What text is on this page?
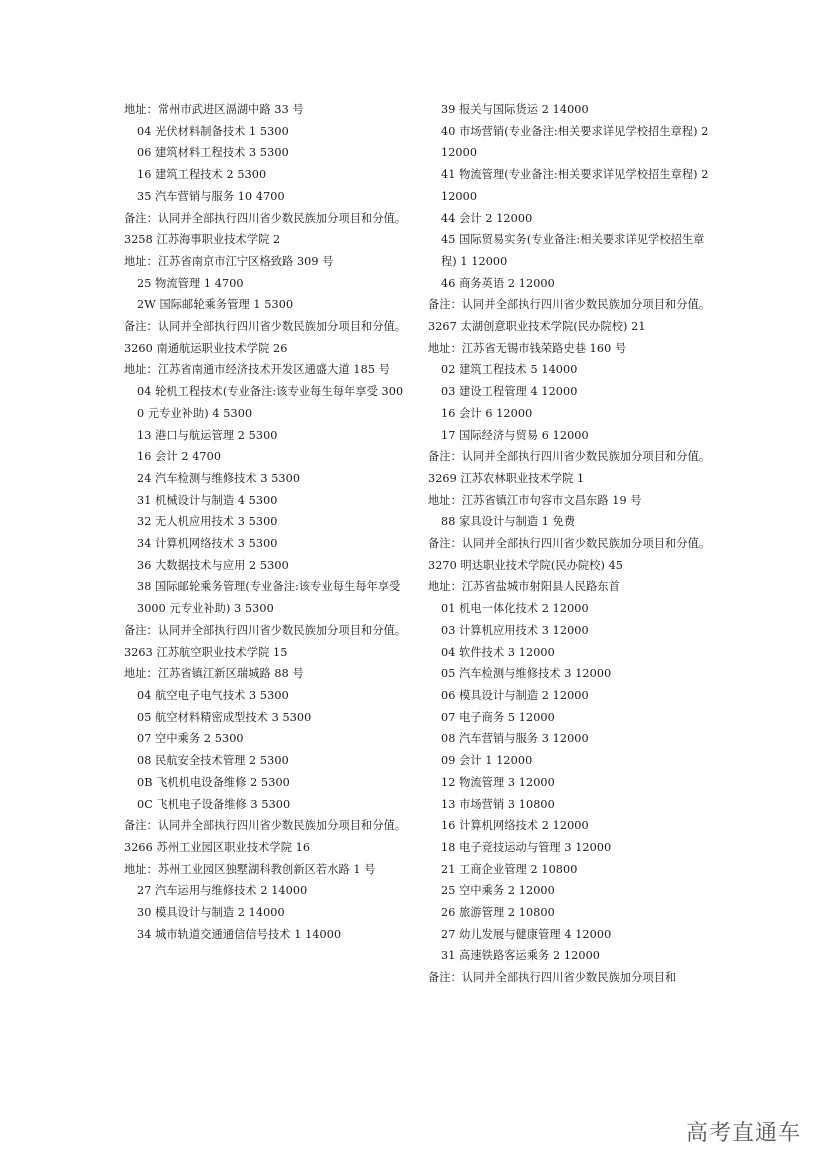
地址：常州市武进区滆湖中路 33 号
04 光伏材料制备技术 1 5300
06 建筑材料工程技术 3 5300
16 建筑工程技术 2 5300
35 汽车营销与服务 10 4700
备注：认同并全部执行四川省少数民族加分项目和分值。
3258 江苏海事职业技术学院 2
地址：江苏省南京市江宁区格致路 309 号
25 物流管理 1 4700
2W 国际邮轮乘务管理 1 5300
备注：认同并全部执行四川省少数民族加分项目和分值。
3260 南通航运职业技术学院 26
地址：江苏省南通市经济技术开发区通盛大道 185 号
04 轮机工程技术(专业备注:该专业每生每年享受 3000 元专业补助) 4 5300
13 港口与航运管理 2 5300
16 会计 2 4700
24 汽车检测与维修技术 3 5300
31 机械设计与制造 4 5300
32 无人机应用技术 3 5300
34 计算机网络技术 3 5300
36 大数据技术与应用 2 5300
38 国际邮轮乘务管理(专业备注:该专业每生每年享受 3000 元专业补助) 3 5300
备注：认同并全部执行四川省少数民族加分项目和分值。
3263 江苏航空职业技术学院 15
地址：江苏省镇江新区瑞城路 88 号
04 航空电子电气技术 3 5300
05 航空材料精密成型技术 3 5300
07 空中乘务 2 5300
08 民航安全技术管理 2 5300
0B 飞机机电设备维修 2 5300
0C 飞机电子设备维修 3 5300
备注：认同并全部执行四川省少数民族加分项目和分值。
3266 苏州工业园区职业技术学院 16
地址：苏州工业园区独墅湖科教创新区若水路 1 号
27 汽车运用与维修技术 2 14000
30 模具设计与制造 2 14000
34 城市轨道交通通信信号技术 1 14000
39 报关与国际货运 2 14000
40 市场营销(专业备注:相关要求详见学校招生章程) 2 12000
41 物流管理(专业备注:相关要求详见学校招生章程) 2 12000
44 会计 2 12000
45 国际贸易实务(专业备注:相关要求详见学校招生章程) 1 12000
46 商务英语 2 12000
备注：认同并全部执行四川省少数民族加分项目和分值。
3267 太湖创意职业技术学院(民办院校) 21
地址：江苏省无锡市钱荣路史巷 160 号
02 建筑工程技术 5 14000
03 建设工程管理 4 12000
16 会计 6 12000
17 国际经济与贸易 6 12000
备注：认同并全部执行四川省少数民族加分项目和分值。
3269 江苏农林职业技术学院 1
地址：江苏省镇江市句容市文昌东路 19 号
88 家具设计与制造 1 免费
备注：认同并全部执行四川省少数民族加分项目和分值。
3270 明达职业技术学院(民办院校) 45
地址：江苏省盐城市射阳县人民路东首
01 机电一体化技术 2 12000
03 计算机应用技术 3 12000
04 软件技术 3 12000
05 汽车检测与维修技术 3 12000
06 模具设计与制造 2 12000
07 电子商务 5 12000
08 汽车营销与服务 3 12000
09 会计 1 12000
12 物流管理 3 12000
13 市场营销 3 10800
16 计算机网络技术 2 12000
18 电子竞技运动与管理 3 12000
21 工商企业管理 2 10800
25 空中乘务 2 12000
26 旅游管理 2 10800
27 幼儿发展与健康管理 4 12000
31 高速铁路客运乘务 2 12000
备注：认同并全部执行四川省少数民族加分项目和
高考直通车
